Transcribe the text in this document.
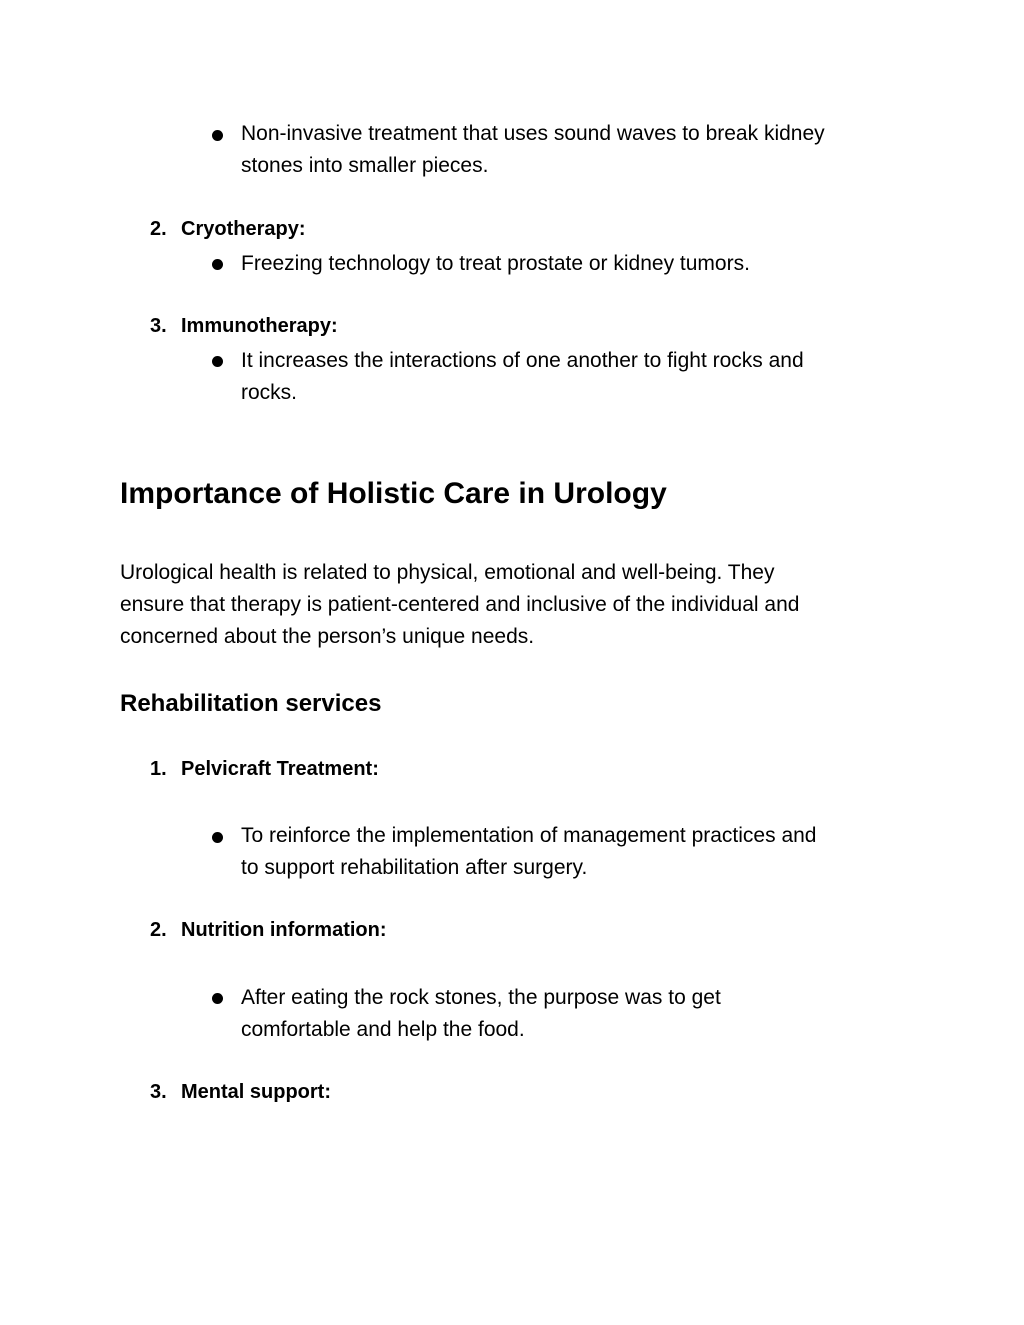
Non-invasive treatment that uses sound waves to break kidney
stones into smaller pieces.
2. Cryotherapy:
Freezing technology to treat prostate or kidney tumors.
3. Immunotherapy:
It increases the interactions of one another to fight rocks and
rocks.
Importance of Holistic Care in Urology
Urological health is related to physical, emotional and well-being. They
ensure that therapy is patient-centered and inclusive of the individual and
concerned about the person’s unique needs.
Rehabilitation services
1. Pelvicraft Treatment:
To reinforce the implementation of management practices and
to support rehabilitation after surgery.
2. Nutrition information:
After eating the rock stones, the purpose was to get
comfortable and help the food.
3. Mental support:
